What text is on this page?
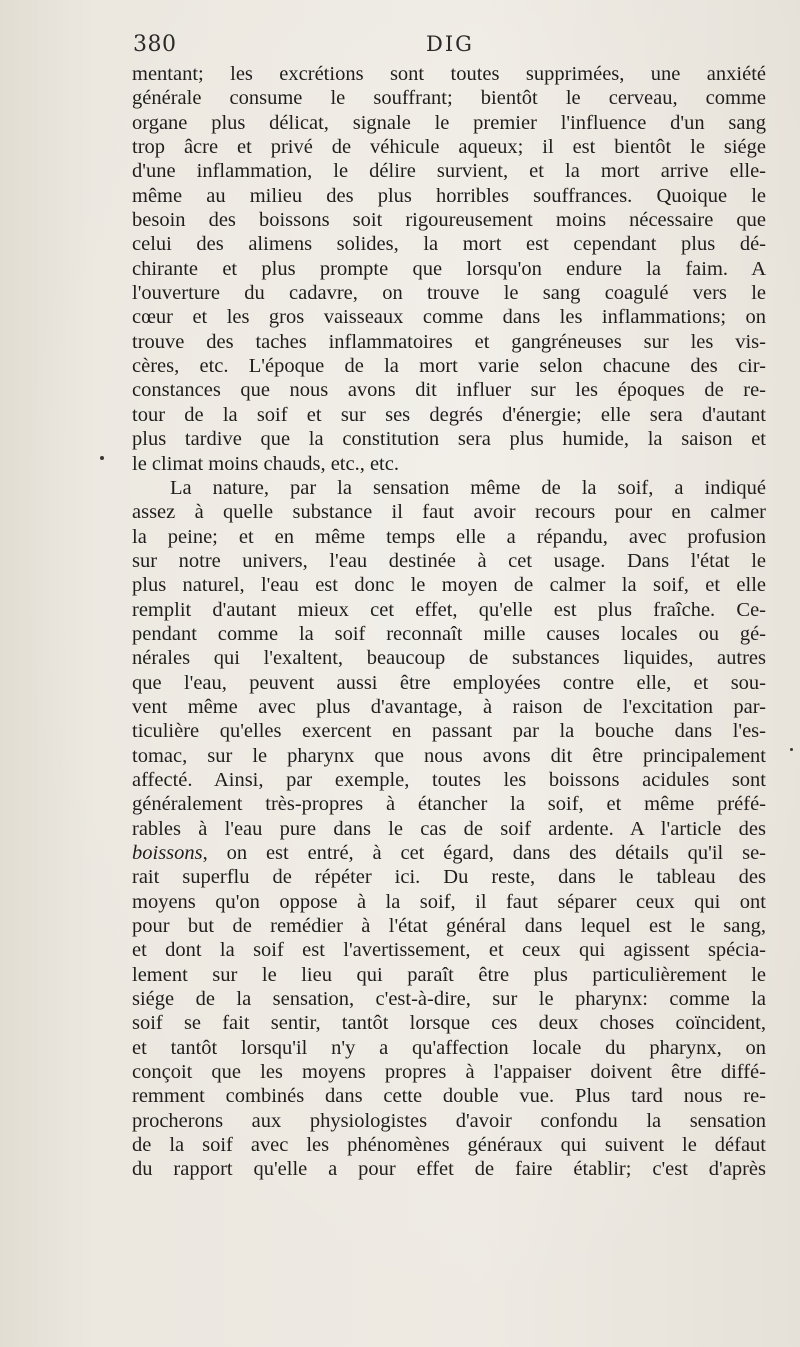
380	DIG
mentant; les excrétions sont toutes supprimées, une anxiété
générale consume le souffrant; bientôt le cerveau, comme
organe plus délicat, signale le premier l'influence d'un sang
trop âcre et privé de véhicule aqueux; il est bientôt le siége
d'une inflammation, le délire survient, et la mort arrive elle-
même au milieu des plus horribles souffrances. Quoique le
besoin des boissons soit rigoureusement moins nécessaire que
celui des alimens solides, la mort est cependant plus dé-
chirante et plus prompte que lorsqu'on endure la faim. A
l'ouverture du cadavre, on trouve le sang coagulé vers le
cœur et les gros vaisseaux comme dans les inflammations; on
trouve des taches inflammatoires et gangréneuses sur les vis-
cères, etc. L'époque de la mort varie selon chacune des cir-
constances que nous avons dit influer sur les époques de re-
tour de la soif et sur ses degrés d'énergie; elle sera d'autant
plus tardive que la constitution sera plus humide, la saison et
le climat moins chauds, etc., etc.
La nature, par la sensation même de la soif, a indiqué
assez à quelle substance il faut avoir recours pour en calmer
la peine; et en même temps elle a répandu, avec profusion
sur notre univers, l'eau destinée à cet usage. Dans l'état le
plus naturel, l'eau est donc le moyen de calmer la soif, et elle
remplit d'autant mieux cet effet, qu'elle est plus fraîche. Ce-
pendant comme la soif reconnaît mille causes locales ou gé-
nérales qui l'exaltent, beaucoup de substances liquides, autres
que l'eau, peuvent aussi être employées contre elle, et sou-
vent même avec plus d'avantage, à raison de l'excitation par-
ticulière qu'elles exercent en passant par la bouche dans l'es-
tomac, sur le pharynx que nous avons dit être principalement
affecté. Ainsi, par exemple, toutes les boissons acidules sont
généralement très-propres à étancher la soif, et même préfé-
rables à l'eau pure dans le cas de soif ardente. A l'article des
boissons, on est entré, à cet égard, dans des détails qu'il se-
rait superflu de répéter ici. Du reste, dans le tableau des
moyens qu'on oppose à la soif, il faut séparer ceux qui ont
pour but de remédier à l'état général dans lequel est le sang,
et dont la soif est l'avertissement, et ceux qui agissent spécia-
lement sur le lieu qui paraît être plus particulièrement le
siége de la sensation, c'est-à-dire, sur le pharynx: comme la
soif se fait sentir, tantôt lorsque ces deux choses coïncident,
et tantôt lorsqu'il n'y a qu'affection locale du pharynx, on
conçoit que les moyens propres à l'appaiser doivent être diffé-
remment combinés dans cette double vue. Plus tard nous re-
procherons aux physiologistes d'avoir confondu la sensation
de la soif avec les phénomènes généraux qui suivent le défaut
du rapport qu'elle a pour effet de faire établir; c'est d'après
